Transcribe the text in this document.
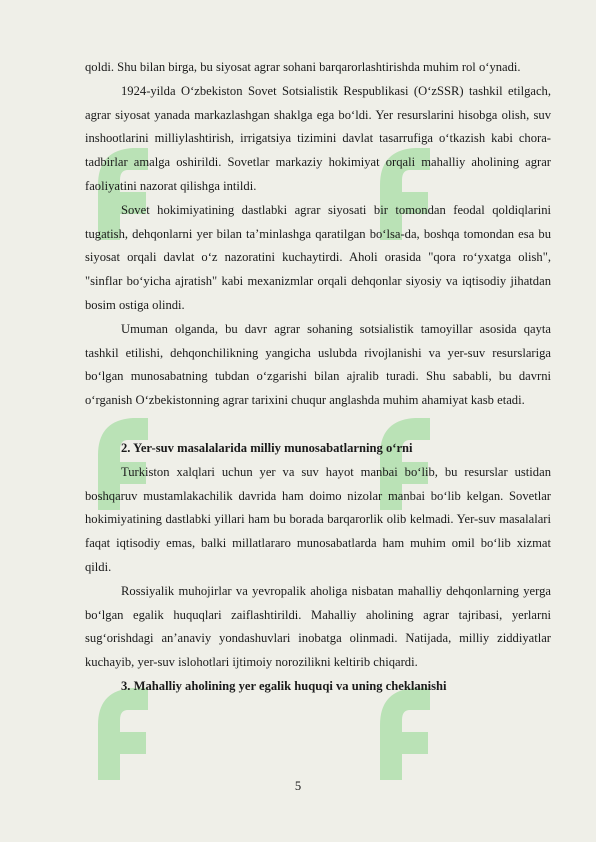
qoldi. Shu bilan birga, bu siyosat agrar sohani barqarorlashtirishda muhim rol o‘ynadi.

1924-yilda O‘zbekiston Sovet Sotsialistik Respublikasi (O‘zSSR) tashkil etilgach, agrar siyosat yanada markazlashgan shaklga ega bo‘ldi. Yer resurslarini hisobga olish, suv inshootlarini milliylashtirish, irrigatsiya tizimini davlat tasarrufiga o‘tkazish kabi chora-tadbirlar amalga oshirildi. Sovetlar markaziy hokimiyat orqali mahalliy aholining agrar faoliyatini nazorat qilishga intildi.

Sovet hokimiyatining dastlabki agrar siyosati bir tomondan feodal qoldiqlarini tugatish, dehqonlarni yer bilan ta’minlashga qaratilgan bo‘lsa-da, boshqa tomondan esa bu siyosat orqali davlat o‘z nazoratini kuchaytirdi. Aholi orasida "qora ro‘yxatga olish", "sinflar bo‘yicha ajratish" kabi mexanizmlar orqali dehqonlar siyosiy va iqtisodiy jihatdan bosim ostiga olindi.

Umuman olganda, bu davr agrar sohaning sotsialistik tamoyillar asosida qayta tashkil etilishi, dehqonchilikning yangicha uslubda rivojlanishi va yer-suv resurslariga bo‘lgan munosabatning tubdan o‘zgarishi bilan ajralib turadi. Shu sababli, bu davrni o‘rganish O‘zbekistonning agrar tarixini chuqur anglashda muhim ahamiyat kasb etadi.

2. Yer-suv masalalarida milliy munosabatlarning o‘rni

Turkiston xalqlari uchun yer va suv hayot manbai bo‘lib, bu resurslar ustidan boshqaruv mustamlakachilik davrida ham doimo nizolar manbai bo‘lib kelgan. Sovetlar hokimiyatining dastlabki yillari ham bu borada barqarorlik olib kelmadi. Yer-suv masalalari faqat iqtisodiy emas, balki millatlararo munosabatlarda ham muhim omil bo‘lib xizmat qildi.

Rossiyalik muhojirlar va yevropalik aholiga nisbatan mahalliy dehqonlarning yerga bo‘lgan egalik huquqlari zaiflashtirildi. Mahalliy aholining agrar tajribasi, yerlarni sug‘orishdagi an’anaviy yondashuvlari inobatga olinmadi. Natijada, milliy ziddiyatlar kuchayib, yer-suv islohotlari ijtimoiy norozilikni keltirib chiqardi.

3. Mahalliy aholining yer egalik huquqi va uning cheklanishi
5
